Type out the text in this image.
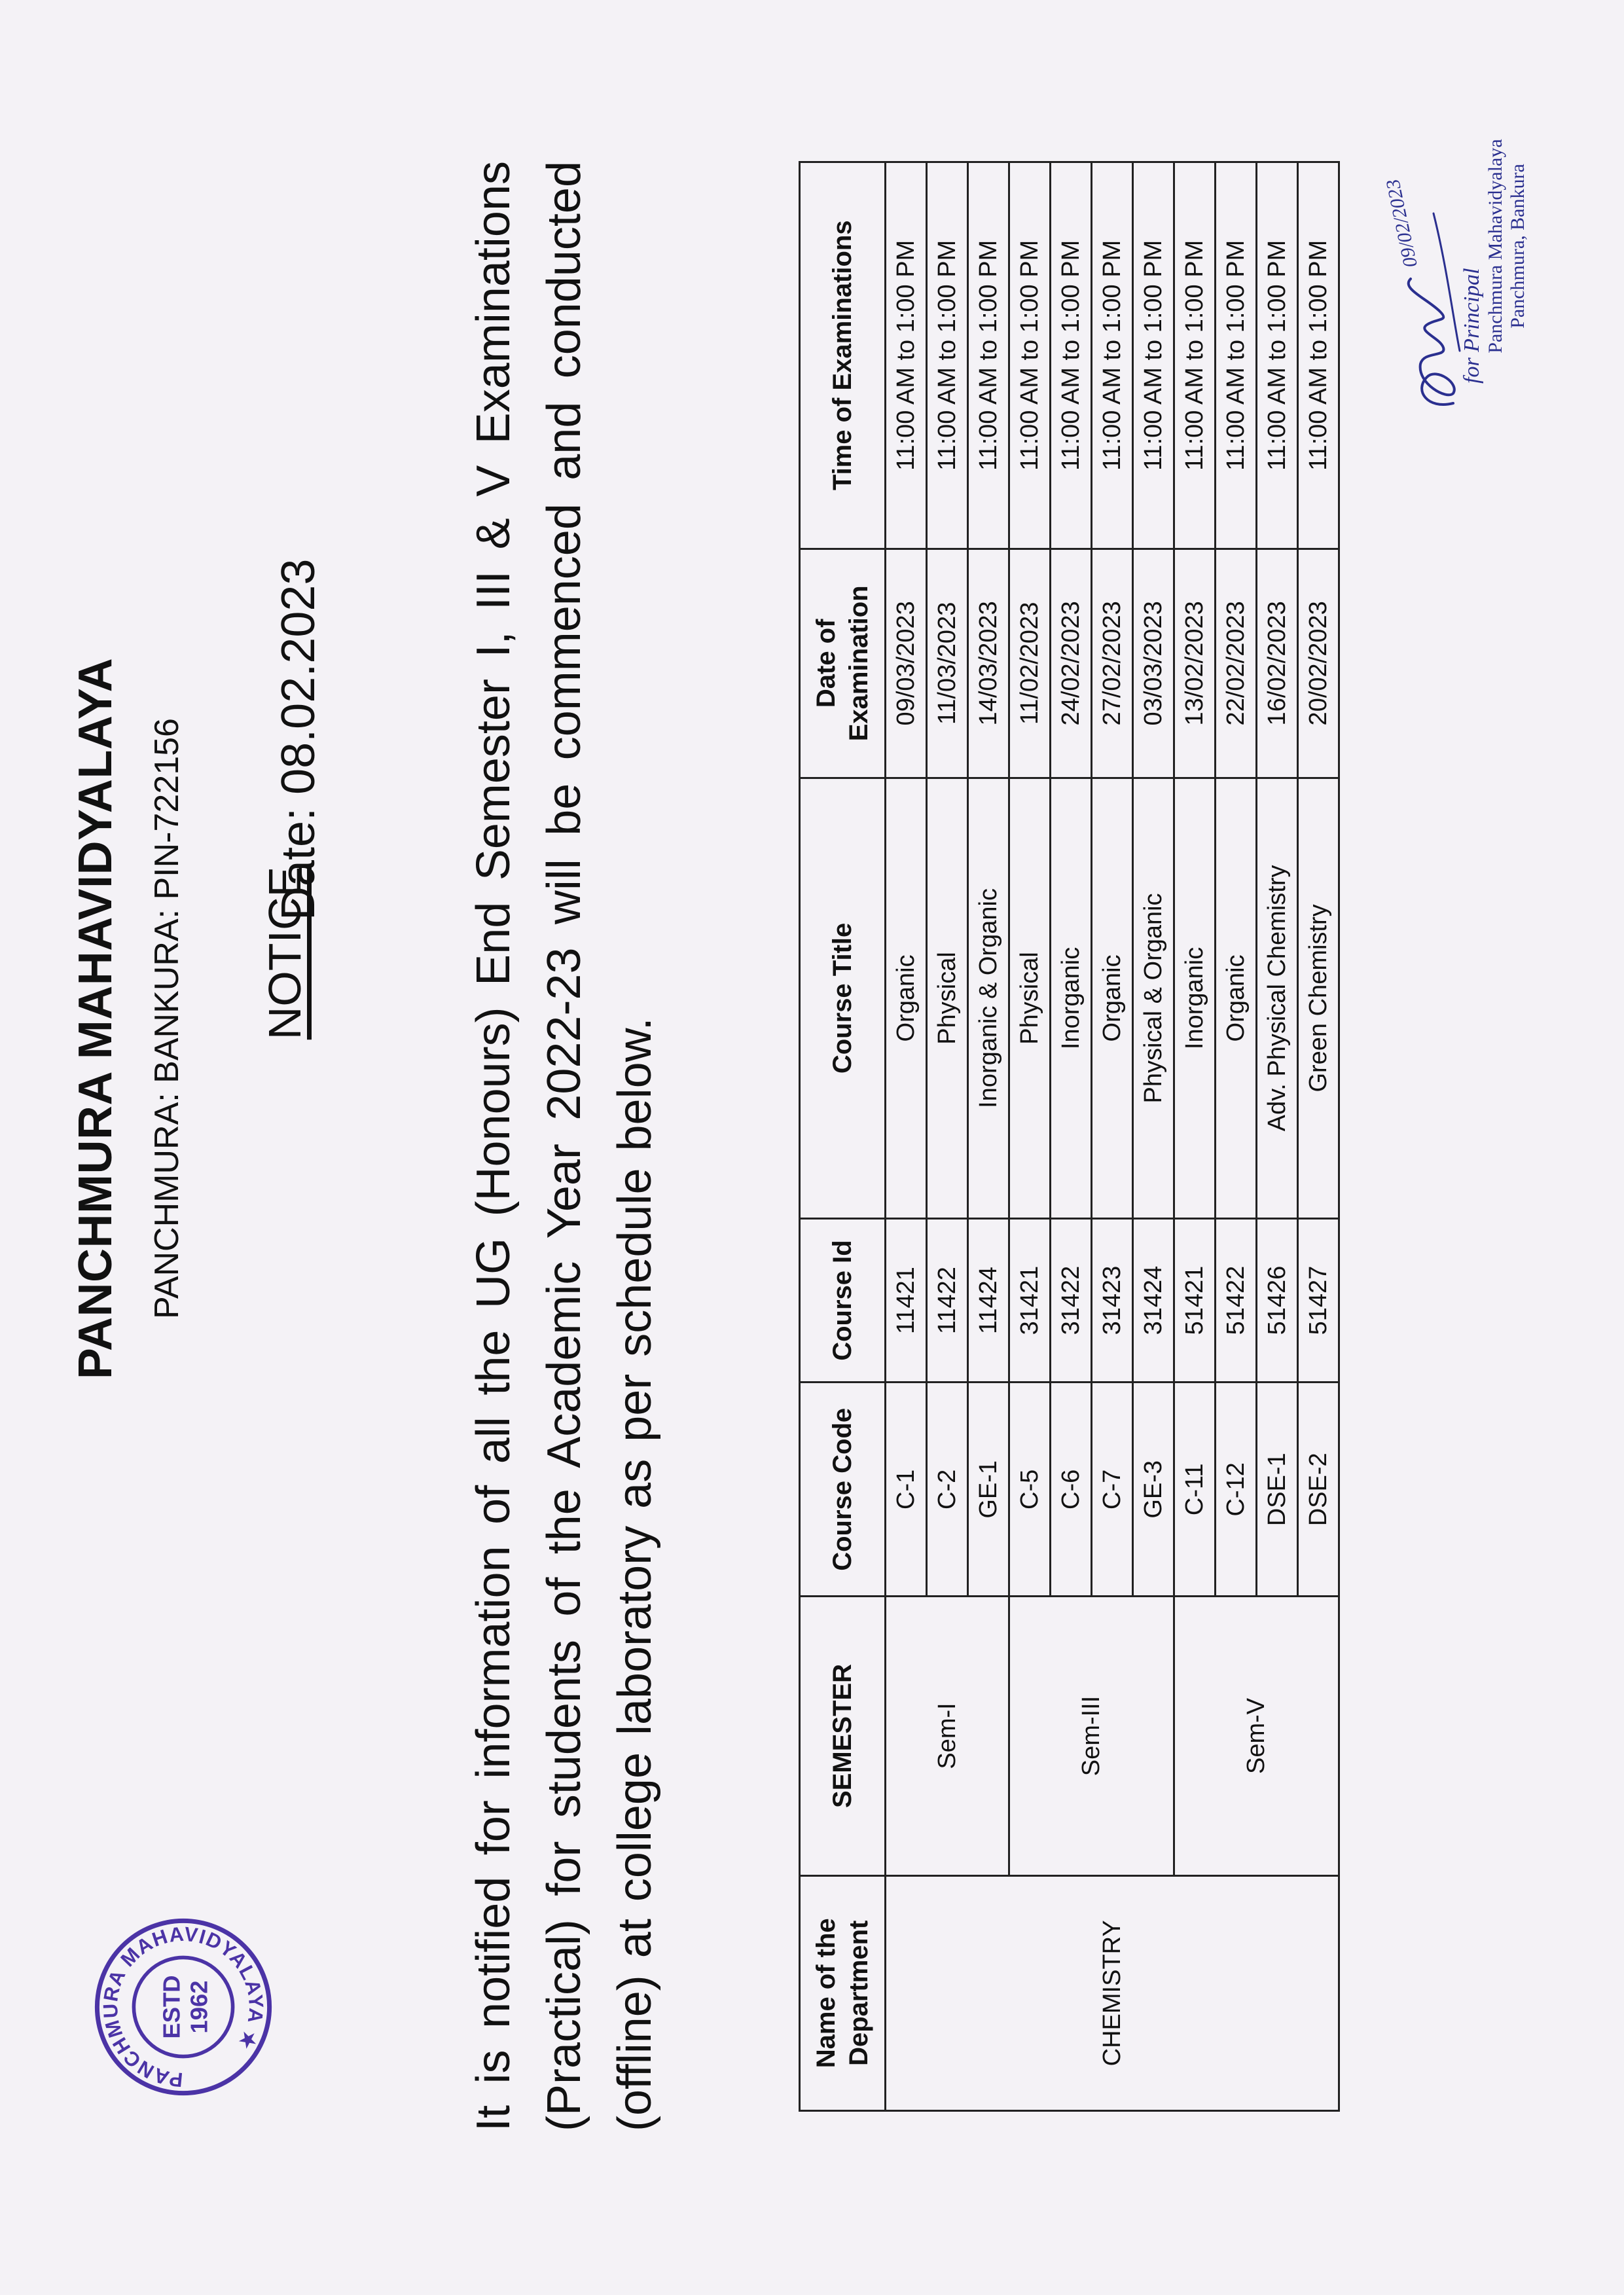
PANCHMURA MAHAVIDYALAYA ★
ESTD 1962
PANCHMURA MAHAVIDYALAYA PANCHMURA: BANKURA: PIN-722156 NOTICE
Date: 08.02.2023	It is notified for information of all the UG (Honours) End Semester I, III & V Examinations (Practical) for students of the Academic Year 2022-23 will be commenced and conducted (offline) at college laboratory as per schedule below.	Name of the Department	SEMESTER	Course Code	Course Id	Course Title	Date of Examination	Time of Examinations
CHEMISTRY	Sem-I	C-1	11421	Organic	09/03/2023	11:00 AM to 1:00 PM
		C-2	11422	Physical	11/03/2023	11:00 AM to 1:00 PM
		GE-1	11424	Inorganic & Organic	14/03/2023	11:00 AM to 1:00 PM
	Sem-III	C-5	31421	Physical	11/02/2023	11:00 AM to 1:00 PM
		C-6	31422	Inorganic	24/02/2023	11:00 AM to 1:00 PM
		C-7	31423	Organic	27/02/2023	11:00 AM to 1:00 PM
		GE-3	31424	Physical & Organic	03/03/2023	11:00 AM to 1:00 PM
	Sem-V	C-11	51421	Inorganic	13/02/2023	11:00 AM to 1:00 PM
		C-12	51422	Organic	22/02/2023	11:00 AM to 1:00 PM
		DSE-1	51426	Adv. Physical Chemistry	16/02/2023	11:00 AM to 1:00 PM
		DSE-2	51427	Green Chemistry	20/02/2023	11:00 AM to 1:00 PM
09/02/2023
for Principal Panchmura Mahavidyalaya Panchmura, Bankura
